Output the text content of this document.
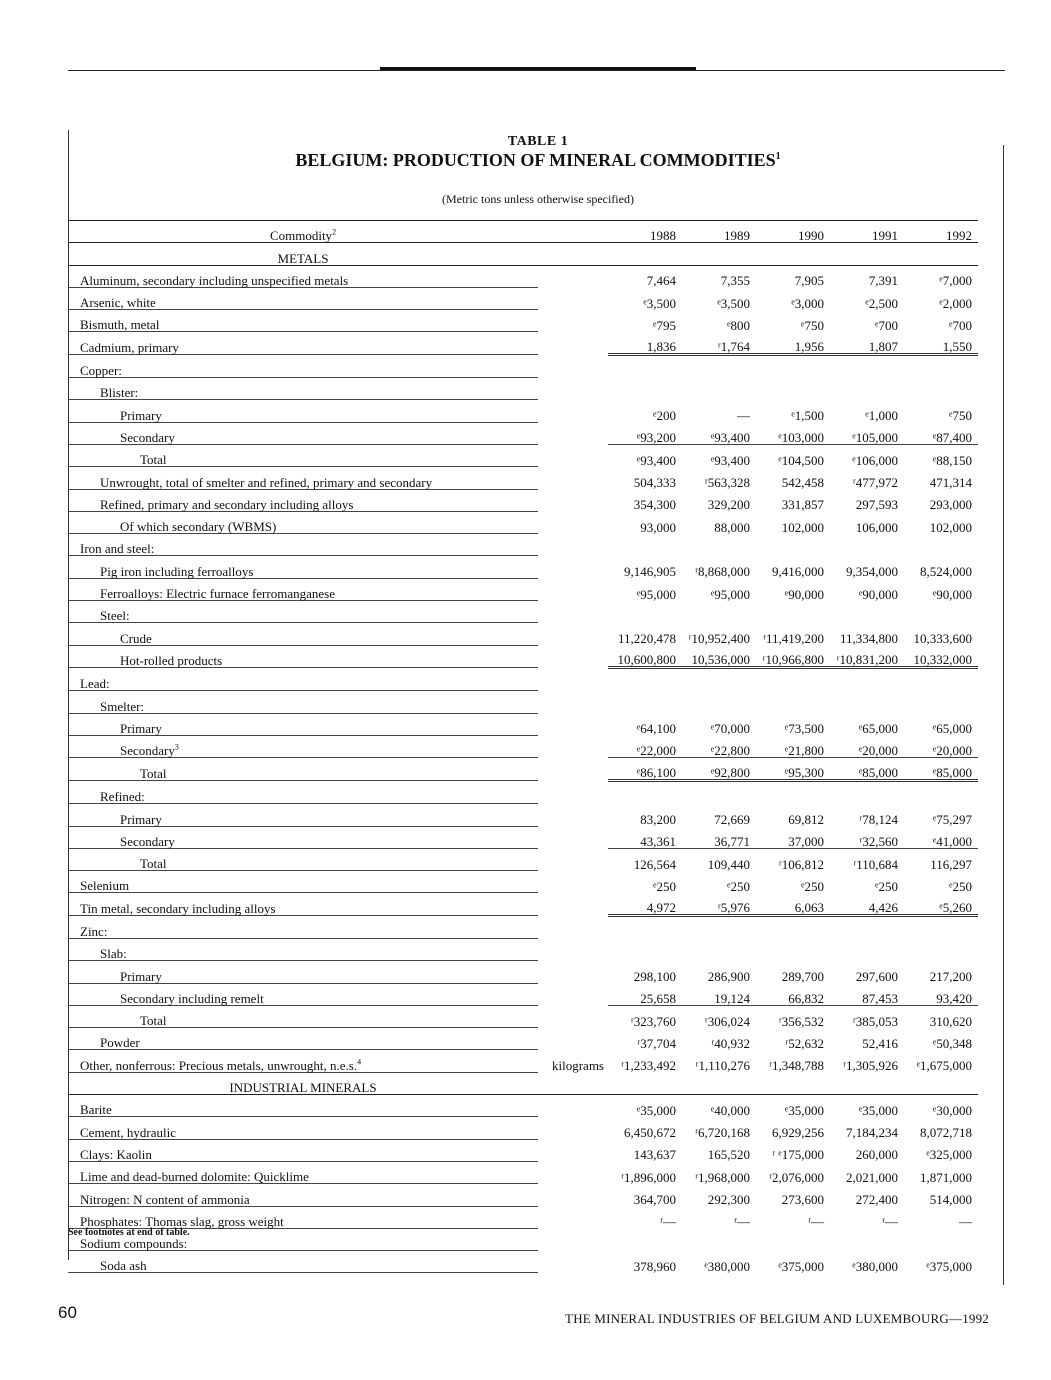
TABLE 1
BELGIUM: PRODUCTION OF MINERAL COMMODITIES$^1$
(Metric tons unless otherwise specified)
Commodity$^2$		1988	1989	1990	1991	1992
METALS						
Aluminum, secondary including unspecified metals		7,464	7,355	7,905	7,391	ᵉ7,000
Arsenic, white		ᵉ3,500	ᵉ3,500	ᵉ3,000	ᵉ2,500	ᵉ2,000
Bismuth, metal		ᵉ795	ᵉ800	ᵉ750	ᵉ700	ᵉ700
Cadmium, primary		1,836	ʳ1,764	1,956	1,807	1,550
Copper:						
Blister:						
Primary		ᵉ200	—	ᵉ1,500	ᵉ1,000	ᵉ750
Secondary		ᵉ93,200	ᵉ93,400	ᵉ103,000	ᵉ105,000	ᵉ87,400
Total		ᵉ93,400	ᵉ93,400	ᵉ104,500	ᵉ106,000	ᵉ88,150
Unwrought, total of smelter and refined, primary and secondary		504,333	ʳ563,328	542,458	ʳ477,972	471,314
Refined, primary and secondary including alloys		354,300	329,200	331,857	297,593	293,000
Of which secondary (WBMS)		93,000	88,000	102,000	106,000	102,000
Iron and steel:						
Pig iron including ferroalloys		9,146,905	ʳ8,868,000	9,416,000	9,354,000	8,524,000
Ferroalloys: Electric furnace ferromanganese		ᵉ95,000	ᵉ95,000	ᵉ90,000	ᵉ90,000	ᵉ90,000
Steel:						
Crude		11,220,478	ʳ10,952,400	ʳ11,419,200	11,334,800	10,333,600
Hot-rolled products		10,600,800	10,536,000	ʳ10,966,800	ʳ10,831,200	10,332,000
Lead:						
Smelter:						
Primary		ᵉ64,100	ᵉ70,000	ᵉ73,500	ᵉ65,000	ᵉ65,000
Secondary$^3$		ᵉ22,000	ᵉ22,800	ᵉ21,800	ᵉ20,000	ᵉ20,000
Total		ᵉ86,100	ᵉ92,800	ᵉ95,300	ᵉ85,000	ᵉ85,000
Refined:						
Primary		83,200	72,669	69,812	ʳ78,124	ᵉ75,297
Secondary		43,361	36,771	37,000	ʳ32,560	ᵉ41,000
Total		126,564	109,440	ʳ106,812	ʳ110,684	116,297
Selenium		ᵉ250	ᵉ250	ᵉ250	ᵉ250	ᵉ250
Tin metal, secondary including alloys		4,972	ʳ5,976	6,063	4,426	ᵉ5,260
Zinc:						
Slab:						
Primary		298,100	286,900	289,700	297,600	217,200
Secondary including remelt		25,658	19,124	66,832	87,453	93,420
Total		ʳ323,760	ʳ306,024	ʳ356,532	ʳ385,053	310,620
Powder		ʳ37,704	ʳ40,932	ʳ52,632	52,416	ᵉ50,348
Other, nonferrous: Precious metals, unwrought, n.e.s.$^4$	kilograms	ʳ1,233,492	ʳ1,110,276	ʳ1,348,788	ʳ1,305,926	ᵉ1,675,000
INDUSTRIAL MINERALS						
Barite		ᵉ35,000	ᵉ40,000	ᵉ35,000	ᵉ35,000	ᵉ30,000
Cement, hydraulic		6,450,672	ʳ6,720,168	6,929,256	7,184,234	8,072,718
Clays: Kaolin		143,637	165,520	ʳ ᵉ175,000	260,000	ᵉ325,000
Lime and dead-burned dolomite: Quicklime		ʳ1,896,000	ʳ1,968,000	ʳ2,076,000	2,021,000	1,871,000
Nitrogen: N content of ammonia		364,700	292,300	273,600	272,400	514,000
Phosphates: Thomas slag, gross weight		ʳ—	ʳ—	ʳ—	ʳ—	—
Sodium compounds:						
Soda ash		378,960	ᵉ380,000	ᵉ375,000	ᵉ380,000	ᵉ375,000
See footnotes at end of table.
60	THE MINERAL INDUSTRIES OF BELGIUM AND LUXEMBOURG—1992
